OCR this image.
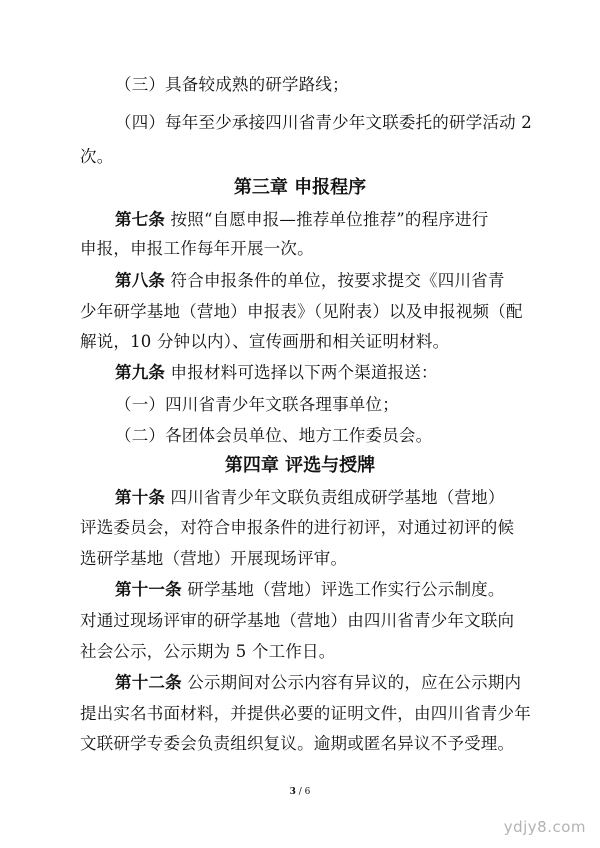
（三）具备较成熟的研学路线；
（四）每年至少承接四川省青少年文联委托的研学活动 2
次。
第三章 申报程序
第七条 按照“自愿申报—推荐单位推荐”的程序进行
申报，申报工作每年开展一次。
第八条 符合申报条件的单位，按要求提交《四川省青
少年研学基地（营地）申报表》（见附表）以及申报视频（配
解说，10 分钟以内）、宣传画册和相关证明材料。
第九条 申报材料可选择以下两个渠道报送：
（一）四川省青少年文联各理事单位；
（二）各团体会员单位、地方工作委员会。
第四章 评选与授牌
第十条 四川省青少年文联负责组成研学基地（营地）
评选委员会，对符合申报条件的进行初评，对通过初评的候
选研学基地（营地）开展现场评审。
第十一条 研学基地（营地）评选工作实行公示制度。
对通过现场评审的研学基地（营地）由四川省青少年文联向
社会公示，公示期为 5 个工作日。
第十二条 公示期间对公示内容有异议的，应在公示期内
提出实名书面材料，并提供必要的证明文件，由四川省青少年
文联研学专委会负责组织复议。逾期或匿名异议不予受理。
3 / 6
ydjy8.com
